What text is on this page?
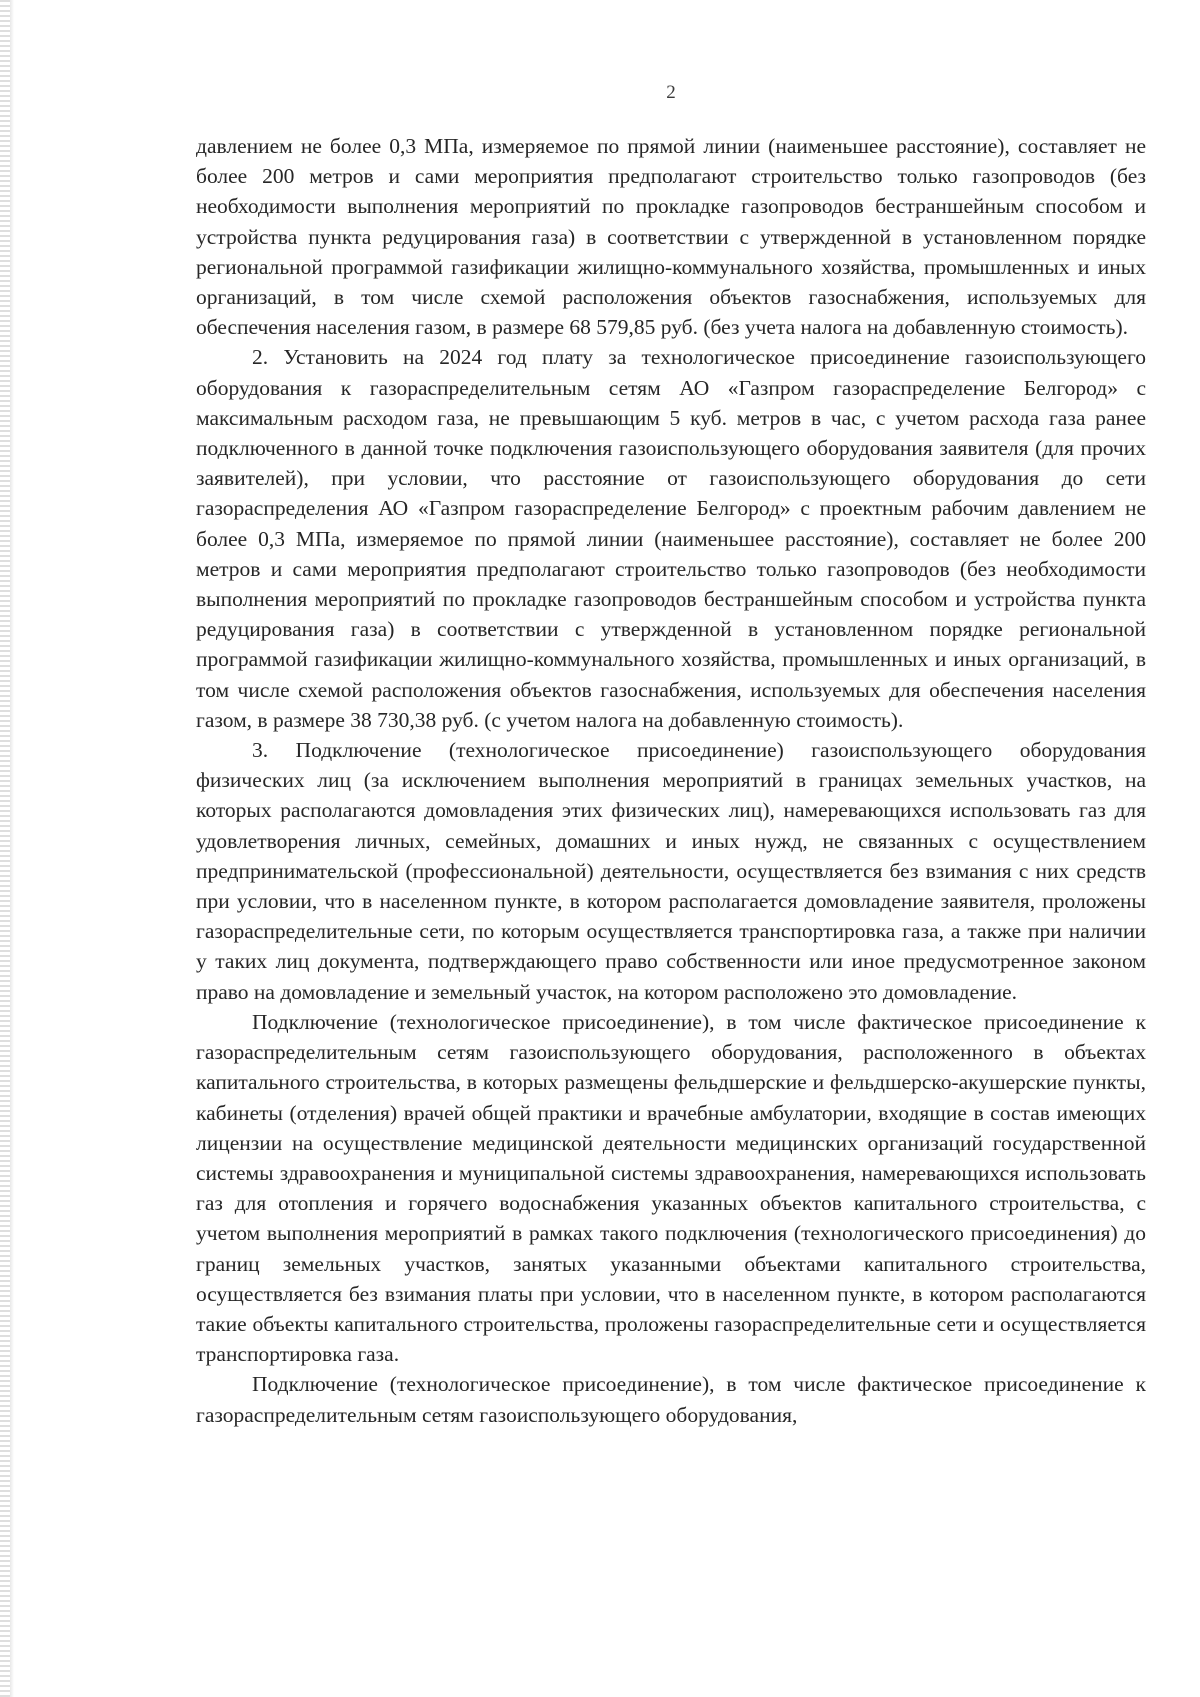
2

давлением не более 0,3 МПа, измеряемое по прямой линии (наименьшее расстояние), составляет не более 200 метров и сами мероприятия предполагают строительство только газопроводов (без необходимости выполнения мероприятий по прокладке газопроводов бестраншейным способом и устройства пункта редуцирования газа) в соответствии с утвержденной в установленном порядке региональной программой газификации жилищно-коммунального хозяйства, промышленных и иных организаций, в том числе схемой расположения объектов газоснабжения, используемых для обеспечения населения газом, в размере 68 579,85 руб. (без учета налога на добавленную стоимость).

2. Установить на 2024 год плату за технологическое присоединение газоиспользующего оборудования к газораспределительным сетям АО «Газпром газораспределение Белгород» с максимальным расходом газа, не превышающим 5 куб. метров в час, с учетом расхода газа ранее подключенного в данной точке подключения газоиспользующего оборудования заявителя (для прочих заявителей), при условии, что расстояние от газоиспользующего оборудования до сети газораспределения АО «Газпром газораспределение Белгород» с проектным рабочим давлением не более 0,3 МПа, измеряемое по прямой линии (наименьшее расстояние), составляет не более 200 метров и сами мероприятия предполагают строительство только газопроводов (без необходимости выполнения мероприятий по прокладке газопроводов бестраншейным способом и устройства пункта редуцирования газа) в соответствии с утвержденной в установленном порядке региональной программой газификации жилищно-коммунального хозяйства, промышленных и иных организаций, в том числе схемой расположения объектов газоснабжения, используемых для обеспечения населения газом, в размере 38 730,38 руб. (с учетом налога на добавленную стоимость).

3. Подключение (технологическое присоединение) газоиспользующего оборудования физических лиц (за исключением выполнения мероприятий в границах земельных участков, на которых располагаются домовладения этих физических лиц), намеревающихся использовать газ для удовлетворения личных, семейных, домашних и иных нужд, не связанных с осуществлением предпринимательской (профессиональной) деятельности, осуществляется без взимания с них средств при условии, что в населенном пункте, в котором располагается домовладение заявителя, проложены газораспределительные сети, по которым осуществляется транспортировка газа, а также при наличии у таких лиц документа, подтверждающего право собственности или иное предусмотренное законом право на домовладение и земельный участок, на котором расположено это домовладение.

Подключение (технологическое присоединение), в том числе фактическое присоединение к газораспределительным сетям газоиспользующего оборудования, расположенного в объектах капитального строительства, в которых размещены фельдшерские и фельдшерско-акушерские пункты, кабинеты (отделения) врачей общей практики и врачебные амбулатории, входящие в состав имеющих лицензии на осуществление медицинской деятельности медицинских организаций государственной системы здравоохранения и муниципальной системы здравоохранения, намеревающихся использовать газ для отопления и горячего водоснабжения указанных объектов капитального строительства, с учетом выполнения мероприятий в рамках такого подключения (технологического присоединения) до границ земельных участков, занятых указанными объектами капитального строительства, осуществляется без взимания платы при условии, что в населенном пункте, в котором располагаются такие объекты капитального строительства, проложены газораспределительные сети и осуществляется транспортировка газа.

Подключение (технологическое присоединение), в том числе фактическое присоединение к газораспределительным сетям газоиспользующего оборудования,
